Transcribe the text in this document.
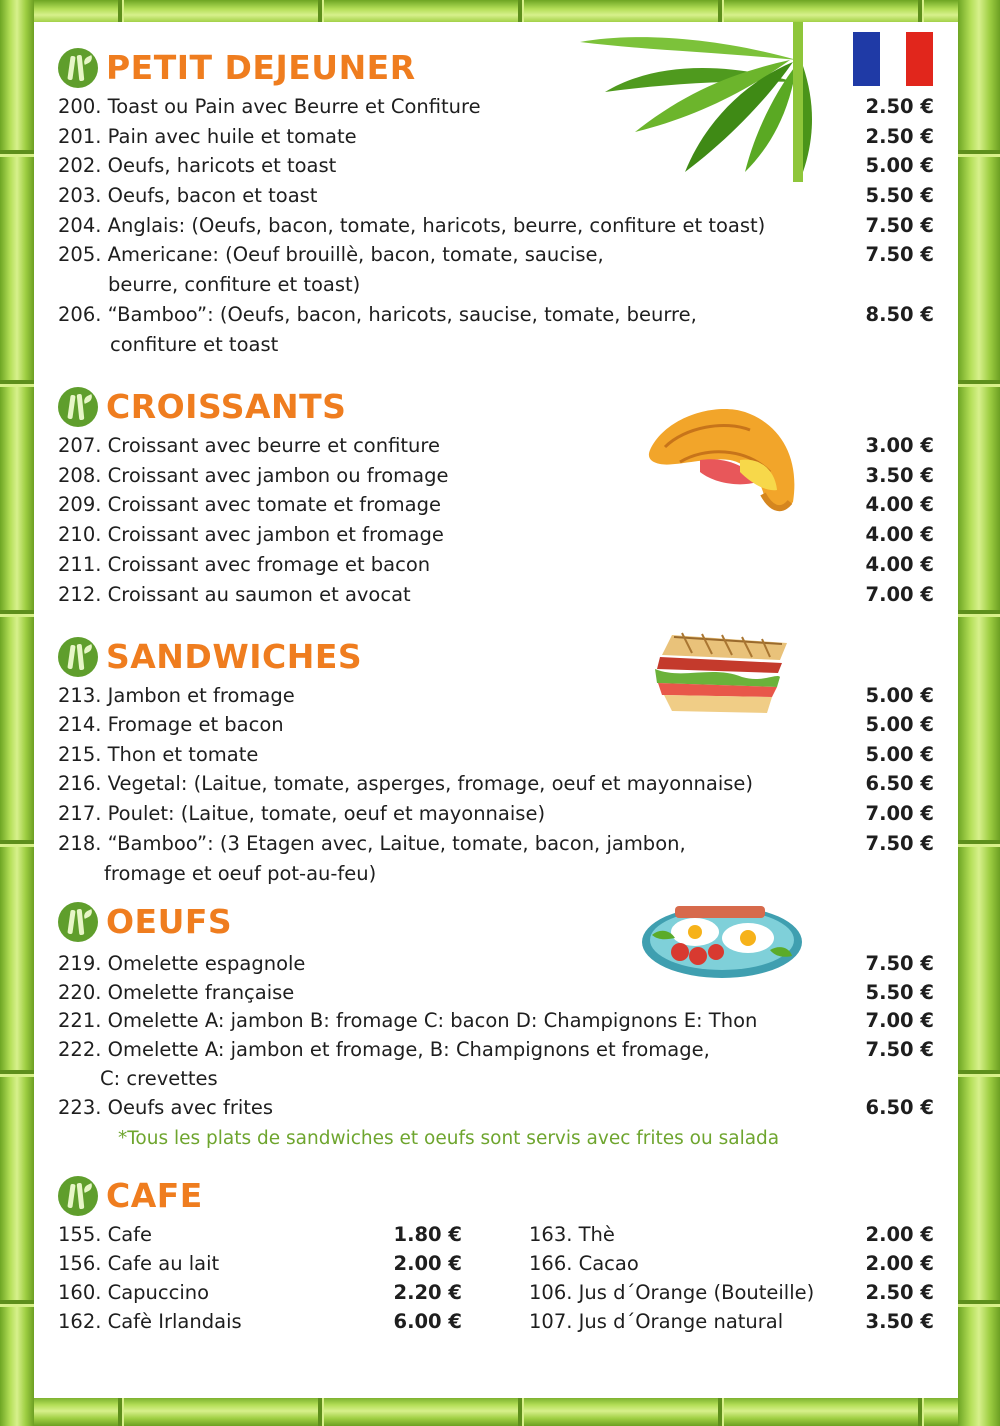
PETIT DEJEUNER
200. Toast ou Pain avec Beurre et Confiture	2.50 €
201. Pain avec huile et tomate	2.50 €
202. Oeufs, haricots et toast	5.00 €
203. Oeufs, bacon et toast	5.50 €
204. Anglais: (Oeufs, bacon, tomate, haricots, beurre, confiture et toast)	7.50 €
205. Americane: (Oeuf brouillè, bacon, tomate, saucise,	7.50 €
beurre, confiture et toast)
206. “Bamboo”: (Oeufs, bacon, haricots, saucise, tomate, beurre,	8.50 €
confiture et toast
CROISSANTS
207. Croissant avec beurre et confiture	3.00 €
208. Croissant avec jambon ou fromage	3.50 €
209. Croissant avec tomate et fromage	4.00 €
210. Croissant avec jambon et fromage	4.00 €
211. Croissant avec fromage et bacon	4.00 €
212. Croissant au saumon et avocat	7.00 €
SANDWICHES
213. Jambon et fromage	5.00 €
214. Fromage et bacon	5.00 €
215. Thon et tomate	5.00 €
216. Vegetal: (Laitue, tomate, asperges, fromage, oeuf et mayonnaise)	6.50 €
217. Poulet: (Laitue, tomate, oeuf et mayonnaise)	7.00 €
218. “Bamboo”: (3 Etagen avec, Laitue, tomate, bacon, jambon,	7.50 €
fromage et oeuf pot-au-feu)
OEUFS
219. Omelette espagnole	7.50 €
220. Omelette française	5.50 €
221. Omelette A: jambon B: fromage C: bacon D: Champignons E: Thon	7.00 €
222. Omelette A: jambon et fromage, B: Champignons et fromage,	7.50 €
C: crevettes
223. Oeufs avec frites	6.50 €
*Tous les plats de sandwiches et oeufs sont servis avec frites ou salada
CAFE
155. Cafe	1.80 €
156. Cafe au lait	2.00 €
160. Capuccino	2.20 €
162. Cafè Irlandais	6.00 €
163. Thè	2.00 €
166. Cacao	2.00 €
106. Jus d´Orange (Bouteille)	2.50 €
107. Jus d´Orange natural	3.50 €
